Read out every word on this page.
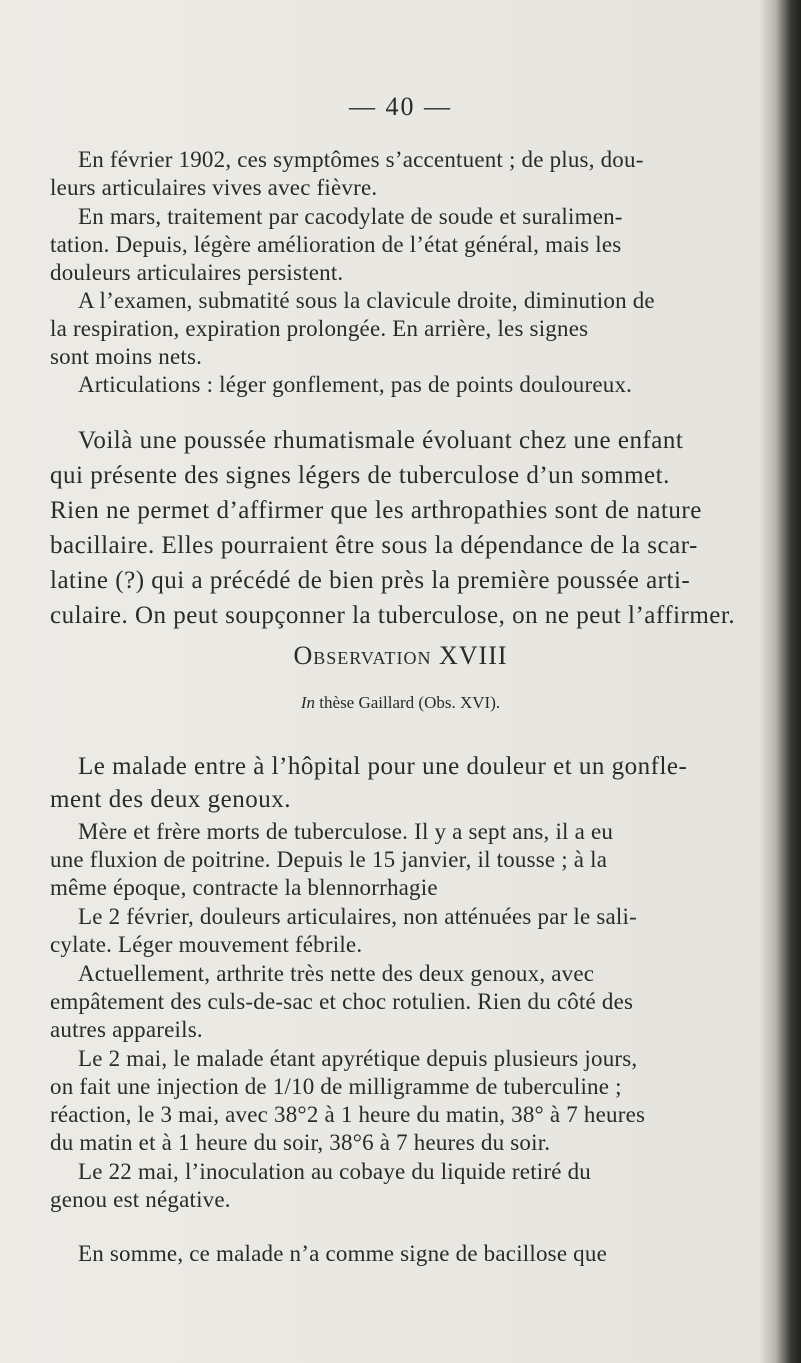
— 40 —
En février 1902, ces symptômes s’accentuent ; de plus, dou-
leurs articulaires vives avec fièvre.
En mars, traitement par cacodylate de soude et suralimen-
tation. Depuis, légère amélioration de l’état général, mais les
douleurs articulaires persistent.
A l’examen, submatité sous la clavicule droite, diminution de
la respiration, expiration prolongée. En arrière, les signes
sont moins nets.
Articulations : léger gonflement, pas de points douloureux.
Voilà une poussée rhumatismale évoluant chez une enfant
qui présente des signes légers de tuberculose d’un sommet.
Rien ne permet d’affirmer que les arthropathies sont de nature
bacillaire. Elles pourraient être sous la dépendance de la scar-
latine (?) qui a précédé de bien près la première poussée arti-
culaire. On peut soupçonner la tuberculose, on ne peut l’affirmer.
Observation XVIII
In thèse Gaillard (Obs. XVI).
Le malade entre à l’hôpital pour une douleur et un gonfle-
ment des deux genoux.
Mère et frère morts de tuberculose. Il y a sept ans, il a eu
une fluxion de poitrine. Depuis le 15 janvier, il tousse ; à la
même époque, contracte la blennorrhagie
Le 2 février, douleurs articulaires, non atténuées par le sali-
cylate. Léger mouvement fébrile.
Actuellement, arthrite très nette des deux genoux, avec
empâtement des culs-de-sac et choc rotulien. Rien du côté des
autres appareils.
Le 2 mai, le malade étant apyrétique depuis plusieurs jours,
on fait une injection de 1/10 de milligramme de tuberculine ;
réaction, le 3 mai, avec 38°2 à 1 heure du matin, 38° à 7 heures
du matin et à 1 heure du soir, 38°6 à 7 heures du soir.
Le 22 mai, l’inoculation au cobaye du liquide retiré du
genou est négative.
En somme, ce malade n’a comme signe de bacillose que
